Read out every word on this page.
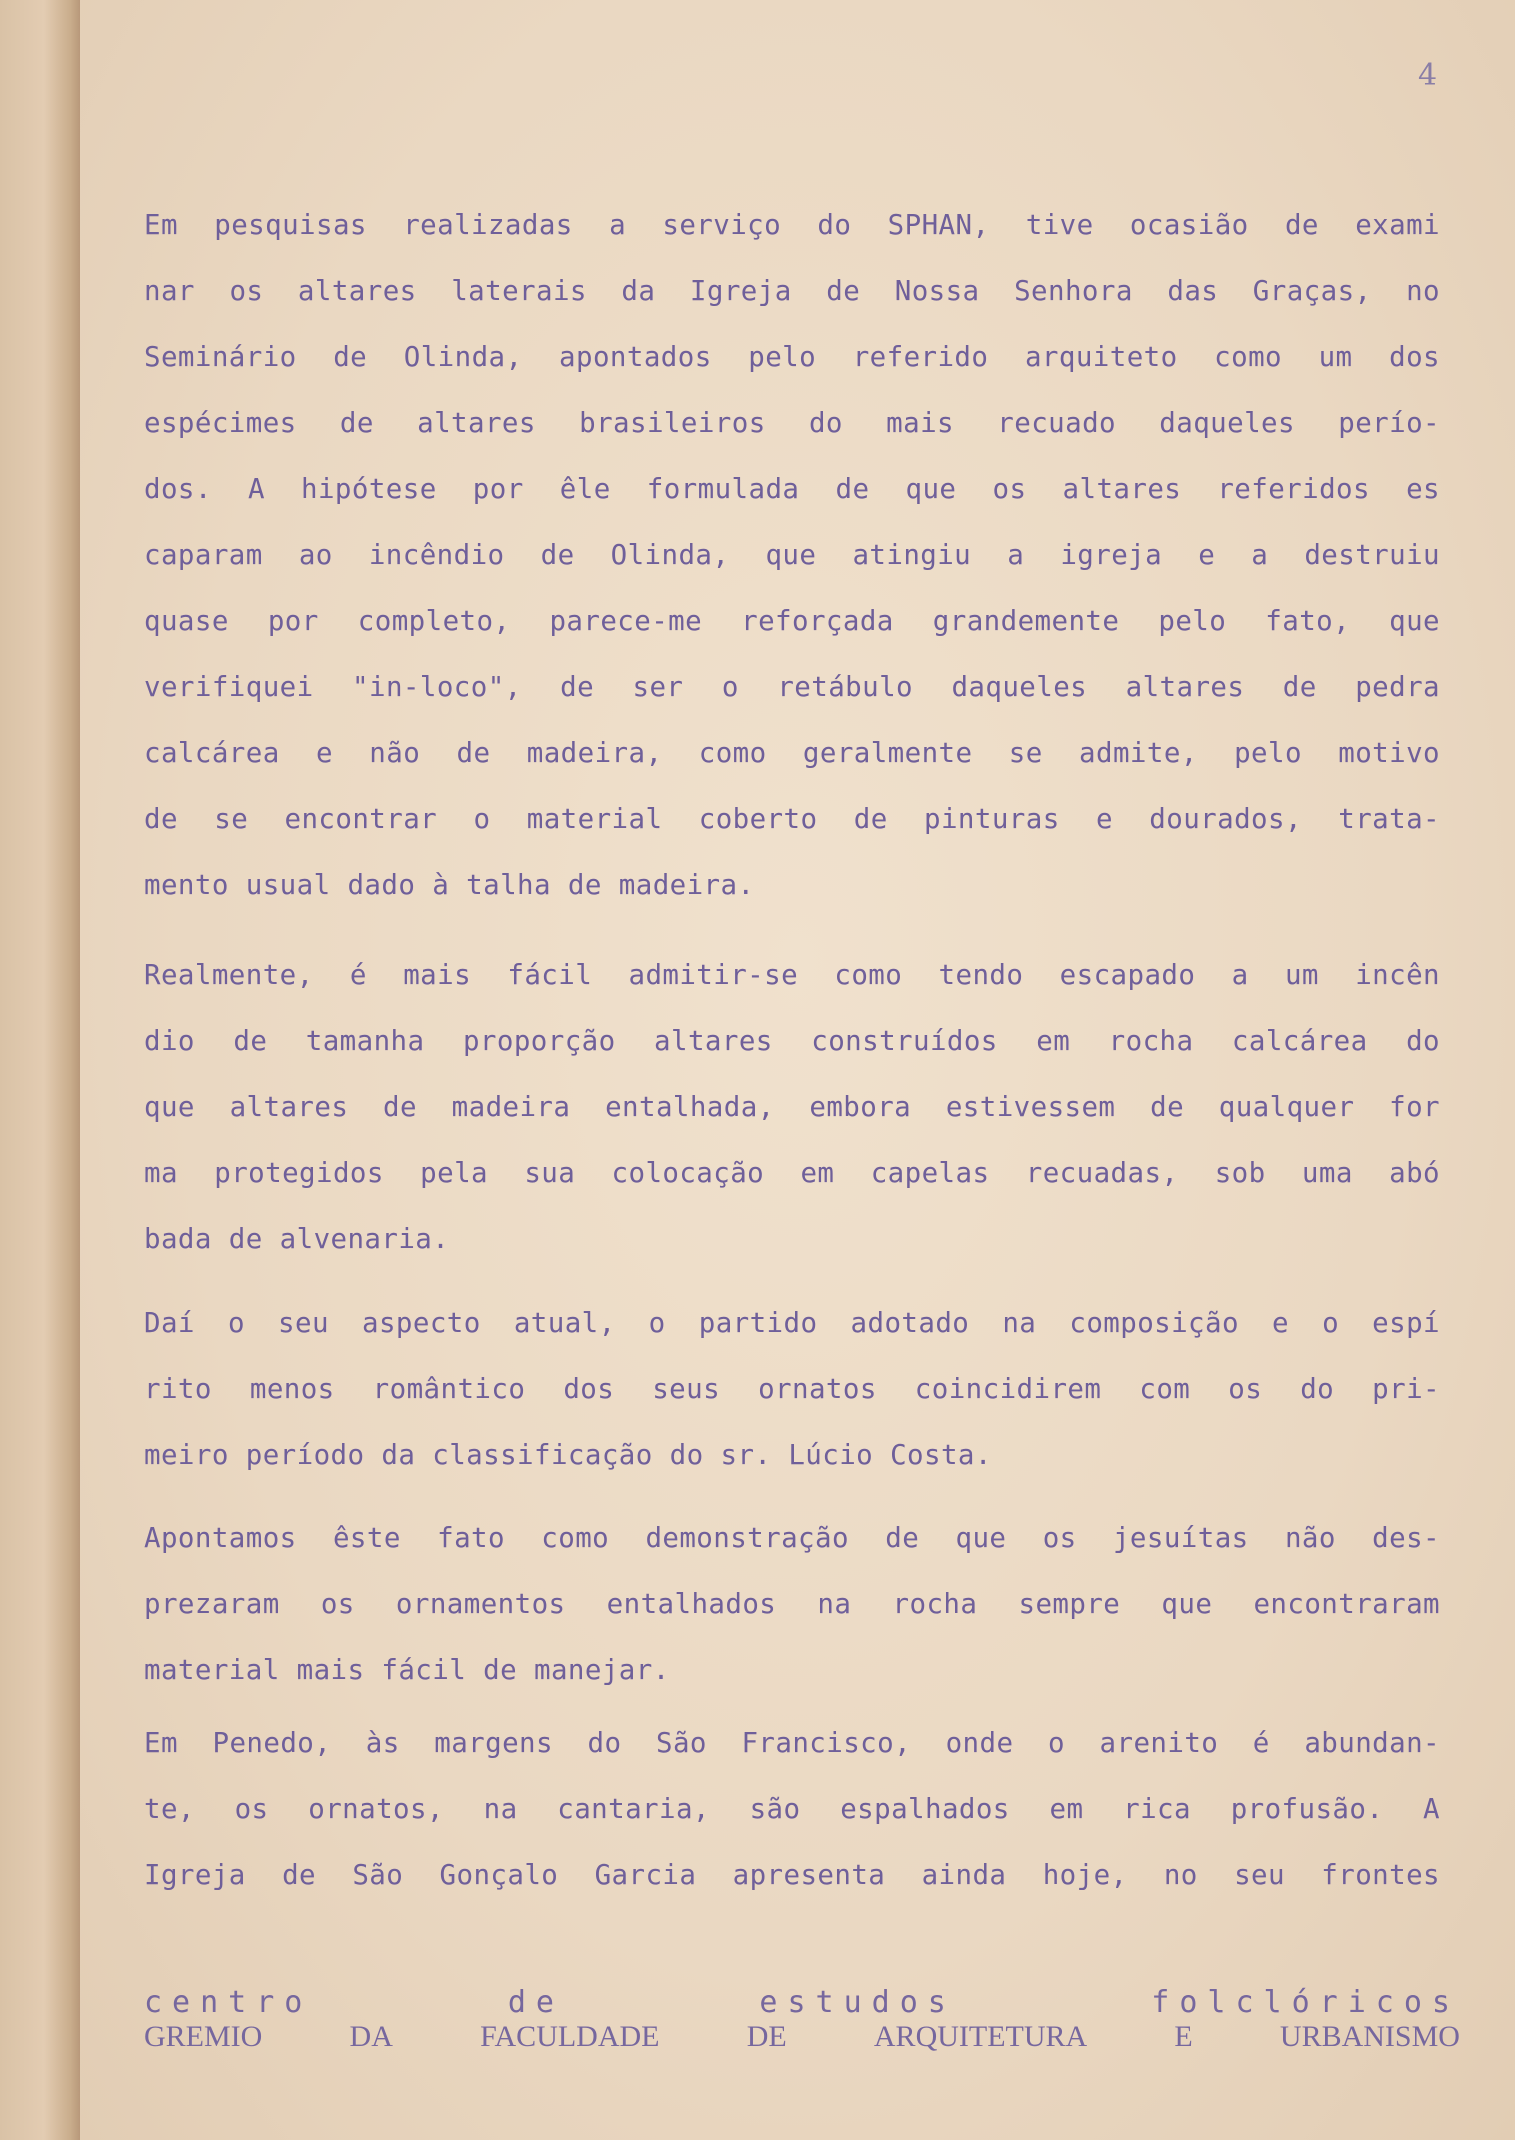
4
Em pesquisas realizadas a serviço do SPHAN, tive ocasião de exami
nar os altares laterais da Igreja de Nossa Senhora das Graças, no
Seminário de Olinda, apontados pelo referido arquiteto como um dos
espécimes de altares brasileiros do mais recuado daqueles perío-
dos. A hipótese por êle formulada de que os altares referidos es
caparam ao incêndio de Olinda, que atingiu a igreja e a destruiu
quase por completo, parece-me reforçada grandemente pelo fato, que
verifiquei "in-loco", de ser o retábulo daqueles altares de pedra
calcárea e não de madeira, como geralmente se admite, pelo motivo
de se encontrar o material coberto de pinturas e dourados, trata-
mento usual dado à talha de madeira.
Realmente, é mais fácil admitir-se como tendo escapado a um incên
dio de tamanha proporção altares construídos em rocha calcárea do
que altares de madeira entalhada, embora estivessem de qualquer for
ma protegidos pela sua colocação em capelas recuadas, sob uma abó
bada de alvenaria.
Daí o seu aspecto atual, o partido adotado na composição e o espí
rito menos romântico dos seus ornatos coincidirem com os do pri-
meiro período da classificação do sr. Lúcio Costa.
Apontamos êste fato como demonstração de que os jesuítas não des-
prezaram os ornamentos entalhados na rocha sempre que encontraram
material mais fácil de manejar.
Em Penedo, às margens do São Francisco, onde o arenito é abundan-
te, os ornatos, na cantaria, são espalhados em rica profusão. A
Igreja de São Gonçalo Garcia apresenta ainda hoje, no seu frontes
centro	de	estudos	folclóricos
GREMIO	DA	FACULDADE	DE	ARQUITETURA	E	URBANISMO
